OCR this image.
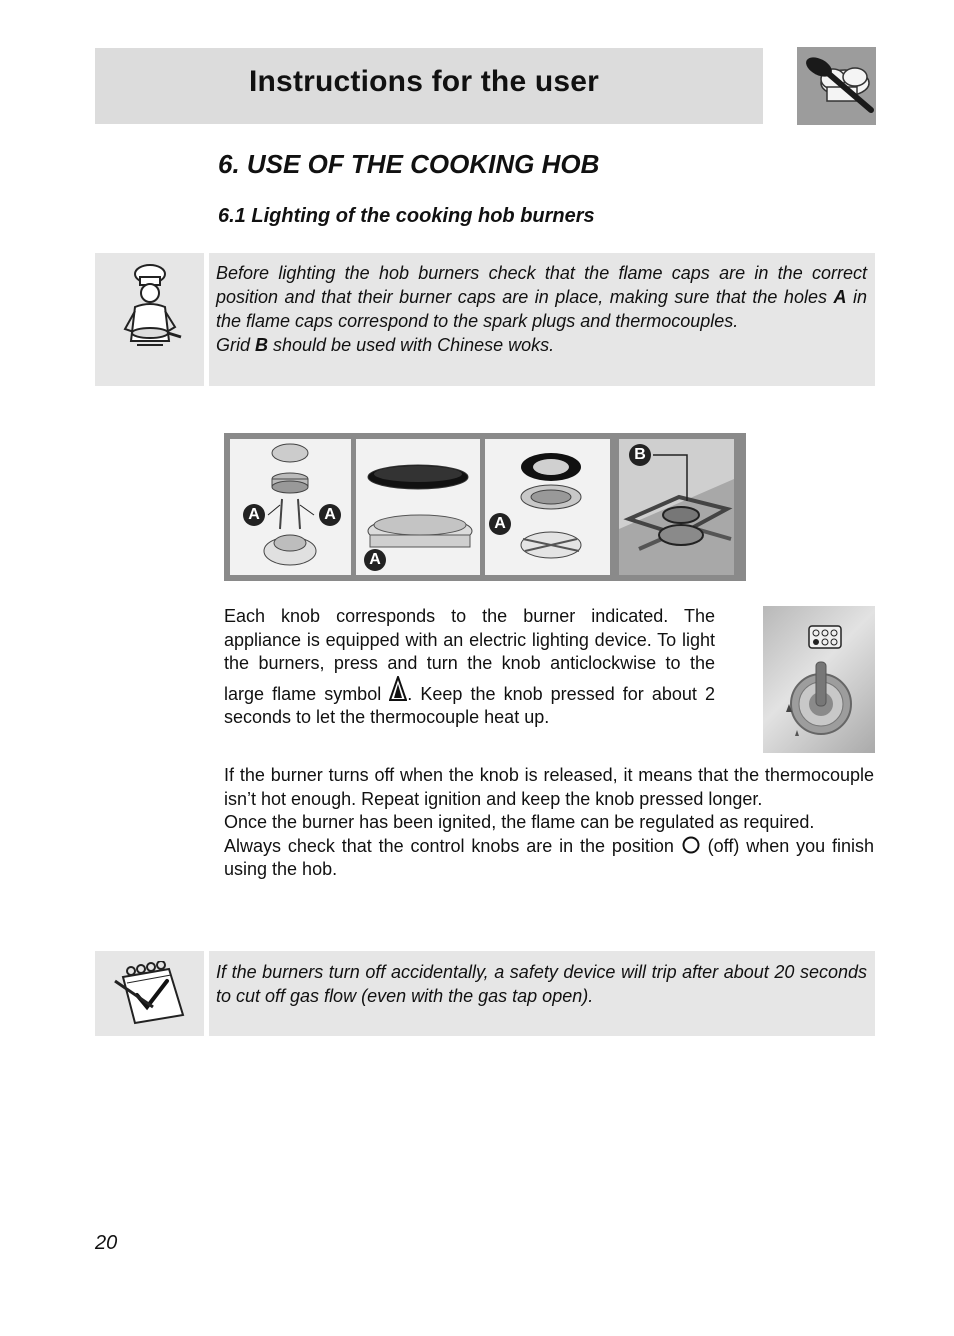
Instructions for the user
6. USE OF THE COOKING HOB
6.1 Lighting of the cooking hob burners
Before lighting the hob burners check that the flame caps are in the correct position and that their burner caps are in place, making sure that the holes A in the flame caps correspond to the spark plugs and thermocouples.
Grid B should be used with Chinese woks.
A	A
A
A
B
Each knob corresponds to the burner indicated. The appliance is equipped with an electric lighting device. To light the burners, press and turn the knob anticlockwise to the large flame symbol . Keep the knob pressed for about 2 seconds to let the thermocouple heat up.
If the burner turns off when the knob is released, it means that the thermocouple isn’t hot enough. Repeat ignition and keep the knob pressed longer.
Once the burner has been ignited, the flame can be regulated as required.
Always check that the control knobs are in the position  (off) when you finish using the hob.
If the burners turn off accidentally, a safety device will trip after about 20 seconds to cut off gas flow (even with the gas tap open).
20
